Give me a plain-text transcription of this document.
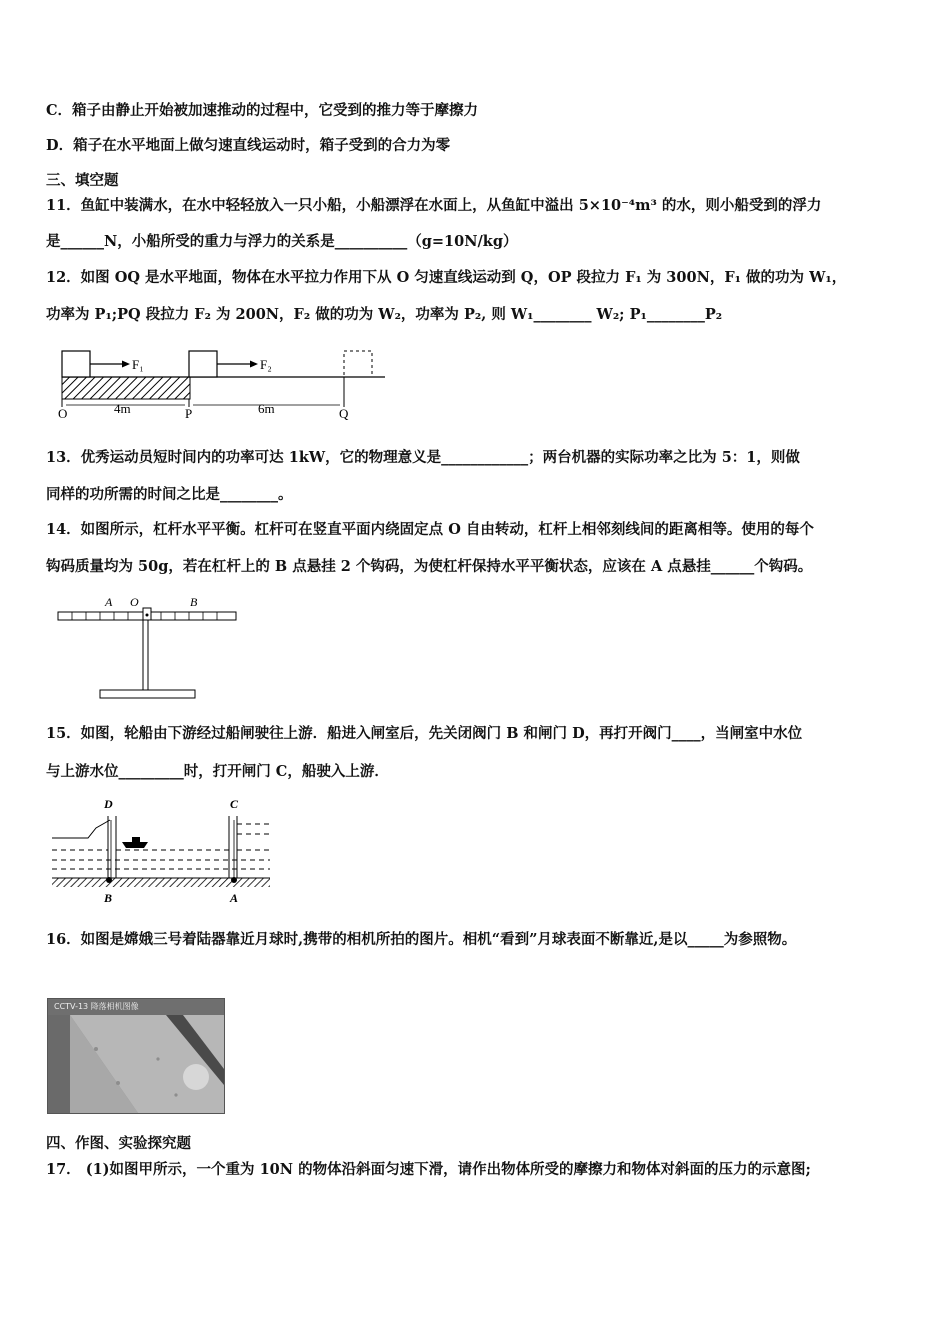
C．箱子由静止开始被加速推动的过程中，它受到的推力等于摩擦力
D．箱子在水平地面上做匀速直线运动时，箱子受到的合力为零
三、填空题
11．鱼缸中装满水，在水中轻轻放入一只小船，小船漂浮在水面上，从鱼缸中溢出 5×10⁻⁴m³ 的水，则小船受到的浮力
是______N，小船所受的重力与浮力的关系是__________（g=10N/kg）
12．如图 OQ 是水平地面，物体在水平拉力作用下从 O 匀速直线运动到 Q，OP 段拉力 F₁ 为 300N，F₁ 做的功为 W₁，
功率为 P₁;PQ 段拉力 F₂ 为 200N，F₂ 做的功为 W₂，功率为 P₂, 则 W₁________ W₂; P₁________P₂
F₁	F₂
4m	6m
O	P	Q
13．优秀运动员短时间内的功率可达 1kW，它的物理意义是____________；两台机器的实际功率之比为 5：1，则做
同样的功所需的时间之比是________。
14．如图所示，杠杆水平平衡。杠杆可在竖直平面内绕固定点 O 自由转动，杠杆上相邻刻线间的距离相等。使用的每个
钩码质量均为 50g，若在杠杆上的 B 点悬挂 2 个钩码，为使杠杆保持水平平衡状态，应该在 A 点悬挂______个钩码。
A O	B
15．如图，轮船由下游经过船闸驶往上游．船进入闸室后，先关闭阀门 B 和闸门 D，再打开阀门____，当闸室中水位
与上游水位_________时，打开闸门 C，船驶入上游．
D	C
B	A
16．如图是嫦娥三号着陆器靠近月球时,携带的相机所拍的图片。相机“看到”月球表面不断靠近,是以_____为参照物。
CCTV-13 降落相机图像
四、作图、实验探究题
17． (1)如图甲所示，一个重为 10N 的物体沿斜面匀速下滑，请作出物体所受的摩擦力和物体对斜面的压力的示意图;
